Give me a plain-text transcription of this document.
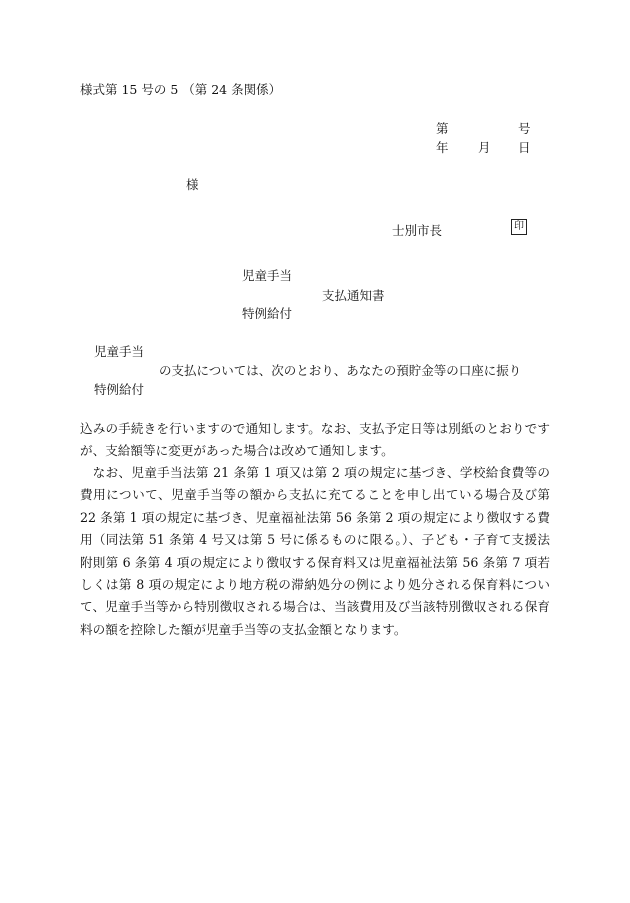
様式第 15 号の 5 （第 24 条関係）
第	号
年 月 日
様
士別市長	印
児童手当
支払通知書
特例給付
児童手当
の支払については、次のとおり、あなたの預貯金等の口座に振り
特例給付
込みの手続きを行いますので通知します。なお、支払予定日等は別紙のとおりですが、支給額等に変更があった場合は改めて通知します。
なお、児童手当法第 21 条第 1 項又は第 2 項の規定に基づき、学校給食費等の費用について、児童手当等の額から支払に充てることを申し出ている場合及び第 22 条第 1 項の規定に基づき、児童福祉法第 56 条第 2 項の規定により徴収する費用（同法第 51 条第 4 号又は第 5 号に係るものに限る。）、子ども・子育て支援法附則第 6 条第 4 項の規定により徴収する保育料又は児童福祉法第 56 条第 7 項若しくは第 8 項の規定により地方税の滞納処分の例により処分される保育料について、児童手当等から特別徴収される場合は、当該費用及び当該特別徴収される保育料の額を控除した額が児童手当等の支払金額となります。
